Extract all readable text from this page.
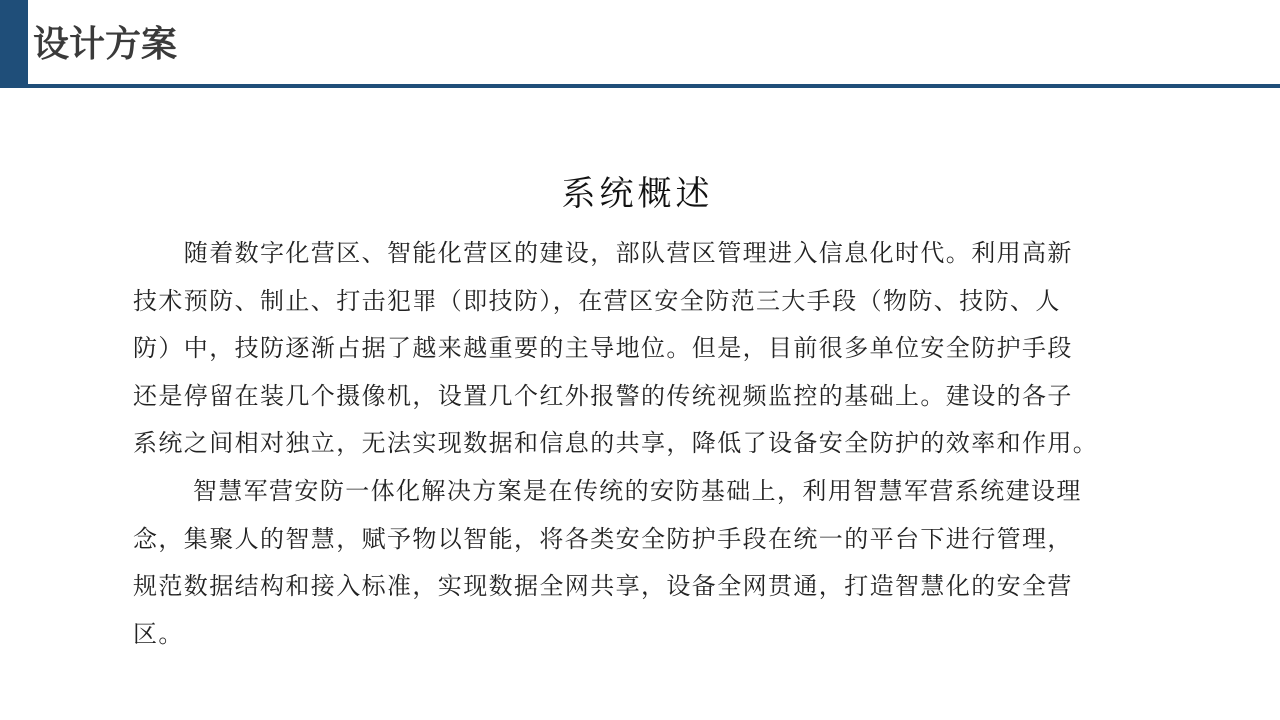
设计方案
系统概述
　　随着数字化营区、智能化营区的建设，部队营区管理进入信息化时代。利用高新
技术预防、制止、打击犯罪（即技防），在营区安全防范三大手段（物防、技防、人
防）中，技防逐渐占据了越来越重要的主导地位。但是，目前很多单位安全防护手段
还是停留在装几个摄像机，设置几个红外报警的传统视频监控的基础上。建设的各子
系统之间相对独立，无法实现数据和信息的共享，降低了设备安全防护的效率和作用。
　　 智慧军营安防一体化解决方案是在传统的安防基础上，利用智慧军营系统建设理
念，集聚人的智慧，赋予物以智能，将各类安全防护手段在统一的平台下进行管理，
规范数据结构和接入标准，实现数据全网共享，设备全网贯通，打造智慧化的安全营
区。
